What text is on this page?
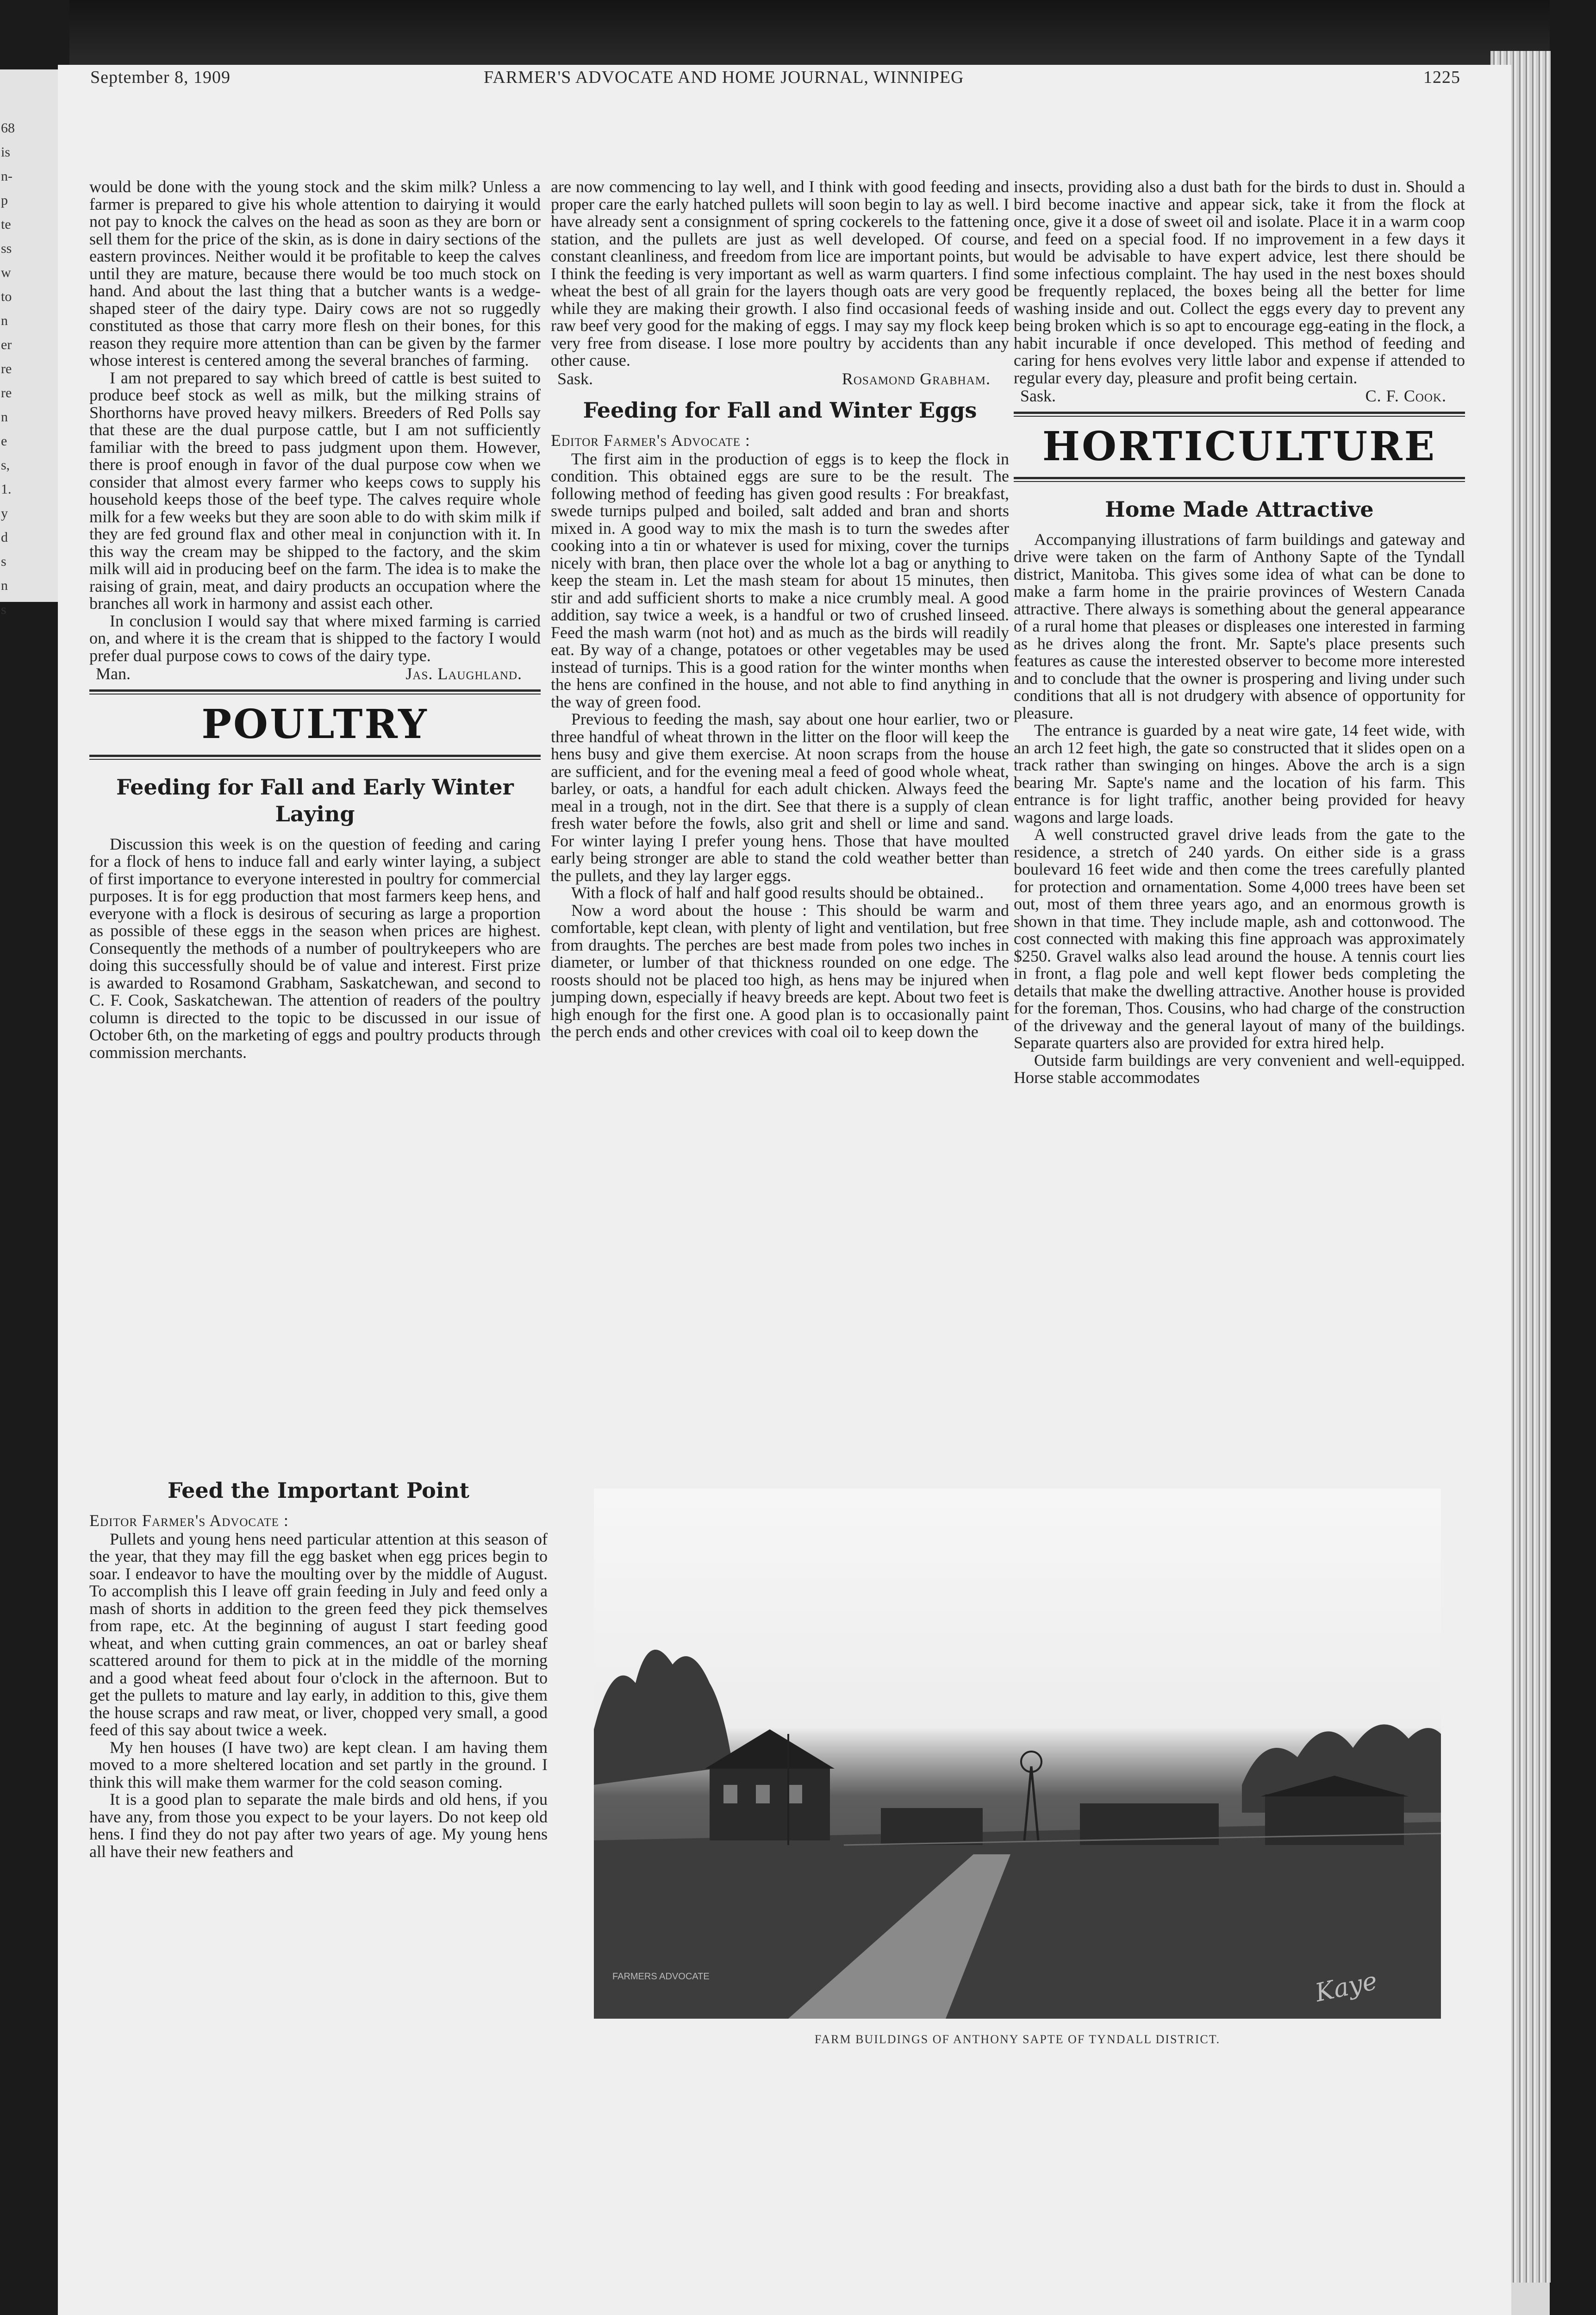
68
is
n-
p
te
ss
w
to
n
er
re
re
n
e
s,
1.
y
d
s
n
s
September 8, 1909	FARMER'S ADVOCATE AND HOME JOURNAL, WINNIPEG	1225

would be done with the young stock and the skim milk? Unless a farmer is prepared to give his whole attention to dairying it would not pay to knock the calves on the head as soon as they are born or sell them for the price of the skin, as is done in dairy sections of the eastern provinces. Neither would it be profitable to keep the calves until they are mature, because there would be too much stock on hand. And about the last thing that a butcher wants is a wedge-shaped steer of the dairy type. Dairy cows are not so ruggedly constituted as those that carry more flesh on their bones, for this reason they require more attention than can be given by the farmer whose interest is centered among the several branches of farming.

I am not prepared to say which breed of cattle is best suited to produce beef stock as well as milk, but the milking strains of Shorthorns have proved heavy milkers. Breeders of Red Polls say that these are the dual purpose cattle, but I am not sufficiently familiar with the breed to pass judgment upon them. However, there is proof enough in favor of the dual purpose cow when we consider that almost every farmer who keeps cows to supply his household keeps those of the beef type. The calves require whole milk for a few weeks but they are soon able to do with skim milk if they are fed ground flax and other meal in conjunction with it. In this way the cream may be shipped to the factory, and the skim milk will aid in producing beef on the farm. The idea is to make the raising of grain, meat, and dairy products an occupation where the branches all work in harmony and assist each other.

In conclusion I would say that where mixed farming is carried on, and where it is the cream that is shipped to the factory I would prefer dual purpose cows to cows of the dairy type.

Man.	Jas. Laughland.
POULTRY
Feeding for Fall and Early Winter Laying

Discussion this week is on the question of feeding and caring for a flock of hens to induce fall and early winter laying, a subject of first importance to everyone interested in poultry for commercial purposes. It is for egg production that most farmers keep hens, and everyone with a flock is desirous of securing as large a proportion as possible of these eggs in the season when prices are highest. Consequently the methods of a number of poultrykeepers who are doing this successfully should be of value and interest. First prize is awarded to Rosamond Grabham, Saskatchewan, and second to C. F. Cook, Saskatchewan. The attention of readers of the poultry column is directed to the topic to be discussed in our issue of October 6th, on the marketing of eggs and poultry products through commission merchants.

Feed the Important Point

Editor Farmer's Advocate :

Pullets and young hens need particular attention at this season of the year, that they may fill the egg basket when egg prices begin to soar. I endeavor to have the moulting over by the middle of August. To accomplish this I leave off grain feeding in July and feed only a mash of shorts in addition to the green feed they pick themselves from rape, etc. At the beginning of august I start feeding good wheat, and when cutting grain commences, an oat or barley sheaf scattered around for them to pick at in the middle of the morning and a good wheat feed about four o'clock in the afternoon. But to get the pullets to mature and lay early, in addition to this, give them the house scraps and raw meat, or liver, chopped very small, a good feed of this say about twice a week.

My hen houses (I have two) are kept clean. I am having them moved to a more sheltered location and set partly in the ground. I think this will make them warmer for the cold season coming.

It is a good plan to separate the male birds and old hens, if you have any, from those you expect to be your layers. Do not keep old hens. I find they do not pay after two years of age. My young hens all have their new feathers and

are now commencing to lay well, and I think with good feeding and proper care the early hatched pullets will soon begin to lay as well. I have already sent a consignment of spring cockerels to the fattening station, and the pullets are just as well developed. Of course, constant cleanliness, and freedom from lice are important points, but I think the feeding is very important as well as warm quarters. I find wheat the best of all grain for the layers though oats are very good while they are making their growth. I also find occasional feeds of raw beef very good for the making of eggs. I may say my flock keep very free from disease. I lose more poultry by accidents than any other cause.

Sask.	Rosamond Grabham.
Feeding for Fall and Winter Eggs

Editor Farmer's Advocate :

The first aim in the production of eggs is to keep the flock in condition. This obtained eggs are sure to be the result. The following method of feeding has given good results : For breakfast, swede turnips pulped and boiled, salt added and bran and shorts mixed in. A good way to mix the mash is to turn the swedes after cooking into a tin or whatever is used for mixing, cover the turnips nicely with bran, then place over the whole lot a bag or anything to keep the steam in. Let the mash steam for about 15 minutes, then stir and add sufficient shorts to make a nice crumbly meal. A good addition, say twice a week, is a handful or two of crushed linseed. Feed the mash warm (not hot) and as much as the birds will readily eat. By way of a change, potatoes or other vegetables may be used instead of turnips. This is a good ration for the winter months when the hens are confined in the house, and not able to find anything in the way of green food.

Previous to feeding the mash, say about one hour earlier, two or three handful of wheat thrown in the litter on the floor will keep the hens busy and give them exercise. At noon scraps from the house are sufficient, and for the evening meal a feed of good whole wheat, barley, or oats, a handful for each adult chicken. Always feed the meal in a trough, not in the dirt. See that there is a supply of clean fresh water before the fowls, also grit and shell or lime and sand. For winter laying I prefer young hens. Those that have moulted early being stronger are able to stand the cold weather better than the pullets, and they lay larger eggs.

With a flock of half and half good results should be obtained..

Now a word about the house : This should be warm and comfortable, kept clean, with plenty of light and ventilation, but free from draughts. The perches are best made from poles two inches in diameter, or lumber of that thickness rounded on one edge. The roosts should not be placed too high, as hens may be injured when jumping down, especially if heavy breeds are kept. About two feet is high enough for the first one. A good plan is to occasionally paint the perch ends and other crevices with coal oil to keep down the

insects, providing also a dust bath for the birds to dust in. Should a bird become inactive and appear sick, take it from the flock at once, give it a dose of sweet oil and isolate. Place it in a warm coop and feed on a special food. If no improvement in a few days it would be advisable to have expert advice, lest there should be some infectious complaint. The hay used in the nest boxes should be frequently replaced, the boxes being all the better for lime washing inside and out. Collect the eggs every day to prevent any being broken which is so apt to encourage egg-eating in the flock, a habit incurable if once developed. This method of feeding and caring for hens evolves very little labor and expense if attended to regular every day, pleasure and profit being certain.

Sask.	C. F. Cook.
HORTICULTURE
Home Made Attractive

Accompanying illustrations of farm buildings and gateway and drive were taken on the farm of Anthony Sapte of the Tyndall district, Manitoba. This gives some idea of what can be done to make a farm home in the prairie provinces of Western Canada attractive. There always is something about the general appearance of a rural home that pleases or displeases one interested in farming as he drives along the front. Mr. Sapte's place presents such features as cause the interested observer to become more interested and to conclude that the owner is prospering and living under such conditions that all is not drudgery with absence of opportunity for pleasure.

The entrance is guarded by a neat wire gate, 14 feet wide, with an arch 12 feet high, the gate so constructed that it slides open on a track rather than swinging on hinges. Above the arch is a sign bearing Mr. Sapte's name and the location of his farm. This entrance is for light traffic, another being provided for heavy wagons and large loads.

A well constructed gravel drive leads from the gate to the residence, a stretch of 240 yards. On either side is a grass boulevard 16 feet wide and then come the trees carefully planted for protection and ornamentation. Some 4,000 trees have been set out, most of them three years ago, and an enormous growth is shown in that time. They include maple, ash and cottonwood. The cost connected with making this fine approach was approximately $250. Gravel walks also lead around the house. A tennis court lies in front, a flag pole and well kept flower beds completing the details that make the dwelling attractive. Another house is provided for the foreman, Thos. Cousins, who had charge of the construction of the driveway and the general layout of many of the buildings. Separate quarters also are provided for extra hired help.

Outside farm buildings are very convenient and well-equipped. Horse stable accommodates

FARMERS ADVOCATE	Kaye
FARM BUILDINGS OF ANTHONY SAPTE OF TYNDALL DISTRICT.
